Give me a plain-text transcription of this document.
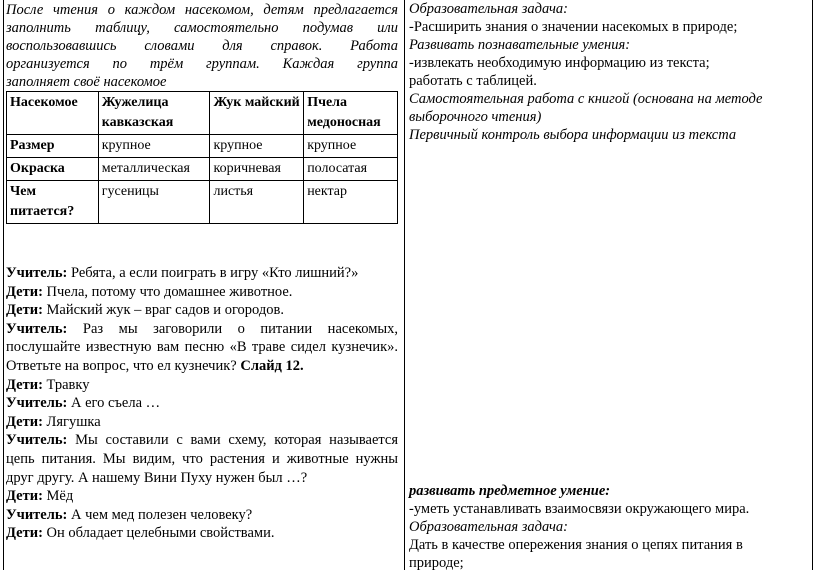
После чтения о каждом насекомом, детям предлагается
заполнить таблицу, самостоятельно подумав или
воспользовавшись словами для справок. Работа
организуется по трём группам. Каждая группа
заполняет своё насекомое
Насекомое	Жужелица кавказская	Жук майский	Пчела медоносная
Размер	крупное	крупное	крупное
Окраска	металлическая	коричневая	полосатая
Чем питается?	гусеницы	листья	нектар

Учитель: Ребята, а если поиграть в игру «Кто лишний?»

Дети: Пчела, потому что домашнее животное.

Дети: Майский жук – враг садов и огородов.

Учитель: Раз мы заговорили о питании насекомых, послушайте известную вам песню «В траве сидел кузнечик». Ответьте на вопрос, что ел кузнечик? Слайд 12.

Дети: Травку

Учитель: А его съела …

Дети: Лягушка

Учитель: Мы составили с вами схему, которая называется цепь питания. Мы видим, что растения и животные нужны друг другу. А нашему Вини Пуху нужен был …?

Дети: Мёд

Учитель: А чем мед полезен человеку?

Дети: Он обладает целебными свойствами.

Образовательная задача:

-Расширить знания о значении насекомых в природе;

Развивать познавательные умения:

-извлекать необходимую информацию из текста;

работать с таблицей.

Самостоятельная работа с книгой (основана на методе

выборочного чтения)

Первичный контроль выбора информации из текста

развивать предметное умение:

-уметь устанавливать взаимосвязи окружающего мира.

Образовательная задача:

Дать в качестве опережения знания о цепях питания в

природе;
